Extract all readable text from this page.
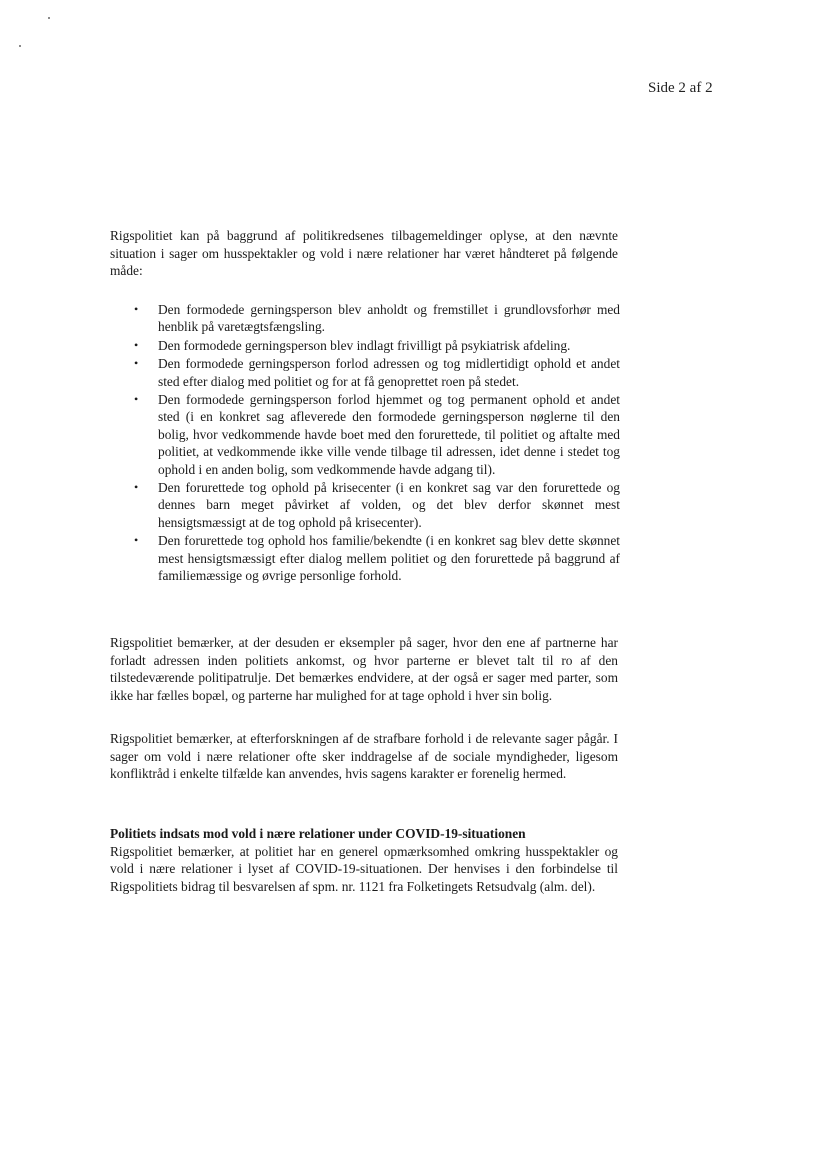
Side 2 af 2

Rigspolitiet kan på baggrund af politikredsenes tilbagemeldinger oplyse, at den nævnte situation i sager om husspektakler og vold i nære relationer har været håndteret på følgende måde:

• Den formodede gerningsperson blev anholdt og fremstillet i grundlovsforhør med henblik på varetægtsfængsling.
• Den formodede gerningsperson blev indlagt frivilligt på psykiatrisk afdeling.
• Den formodede gerningsperson forlod adressen og tog midlertidigt ophold et andet sted efter dialog med politiet og for at få genoprettet roen på stedet.
• Den formodede gerningsperson forlod hjemmet og tog permanent ophold et andet sted (i en konkret sag afleverede den formodede gerningsperson nøglerne til den bolig, hvor vedkommende havde boet med den forurettede, til politiet og aftalte med politiet, at vedkommende ikke ville vende tilbage til adressen, idet denne i stedet tog ophold i en anden bolig, som vedkommende havde adgang til).
• Den forurettede tog ophold på krisecenter (i en konkret sag var den forurettede og dennes barn meget påvirket af volden, og det blev derfor skønnet mest hensigtsmæssigt at de tog ophold på krisecenter).
• Den forurettede tog ophold hos familie/bekendte (i en konkret sag blev dette skønnet mest hensigtsmæssigt efter dialog mellem politiet og den forurettede på baggrund af familiemæssige og øvrige personlige forhold.

Rigspolitiet bemærker, at der desuden er eksempler på sager, hvor den ene af partnerne har forladt adressen inden politiets ankomst, og hvor parterne er blevet talt til ro af den tilstedeværende politipatrulje. Det bemærkes endvidere, at der også er sager med parter, som ikke har fælles bopæl, og parterne har mulighed for at tage ophold i hver sin bolig.

Rigspolitiet bemærker, at efterforskningen af de strafbare forhold i de relevante sager pågår. I sager om vold i nære relationer ofte sker inddragelse af de sociale myndigheder, ligesom konfliktråd i enkelte tilfælde kan anvendes, hvis sagens karakter er forenelig hermed.

Politiets indsats mod vold i nære relationer under COVID-19-situationen

Rigspolitiet bemærker, at politiet har en generel opmærksomhed omkring husspektakler og vold i nære relationer i lyset af COVID-19-situationen. Der henvises i den forbindelse til Rigspolitiets bidrag til besvarelsen af spm. nr. 1121 fra Folketingets Retsudvalg (alm. del).
